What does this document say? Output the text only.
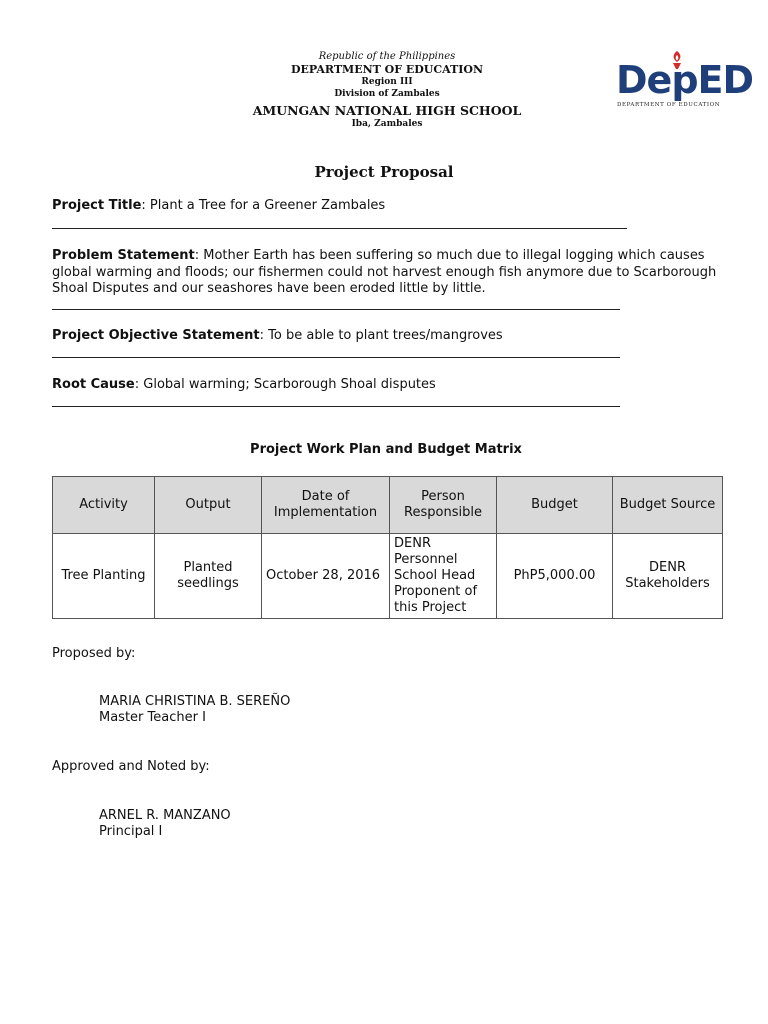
Republic of the Philippines
DEPARTMENT OF EDUCATION
Region III
Division of Zambales
AMUNGAN NATIONAL HIGH SCHOOL
Iba, Zambales
DepED
DEPARTMENT OF EDUCATION
Project Proposal
Project Title: Plant a Tree for a Greener Zambales
Problem Statement: Mother Earth has been suffering so much due to illegal logging which causes global warming and floods; our fishermen could not harvest enough fish anymore due to Scarborough Shoal Disputes and our seashores have been eroded little by little.
Project Objective Statement: To be able to plant trees/mangroves
Root Cause: Global warming; Scarborough Shoal disputes
Project Work Plan and Budget Matrix
Activity	Output	Date of Implementation	Person Responsible	Budget	Budget Source
Tree Planting	Planted seedlings	October 28, 2016	DENR Personnel School Head Proponent of this Project	PhP5,000.00	DENR Stakeholders
Proposed by:
MARIA CHRISTINA B. SEREÑO
Master Teacher I
Approved and Noted by:
ARNEL R. MANZANO
Principal I
